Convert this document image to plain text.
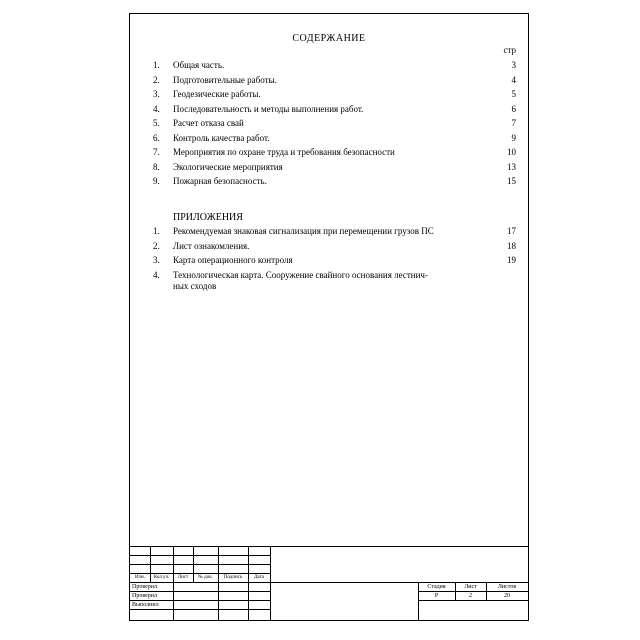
СОДЕРЖАНИЕ
стр
1.	Общая часть.	3
2.	Подготовительные работы.	4
3.	Геодезические работы.	5
4.	Последовательность и методы выполнения работ.	6
5.	Расчет отказа свай	7
6.	Контроль качества работ.	9
7.	Мероприятия по охране труда и требования безопасности	10
8.	Экологические мероприятия	13
9.	Пожарная безопасность.	15
ПРИЛОЖЕНИЯ
1.	Рекомендуемая знаковая сигнализация при перемещении грузов ПС	17
2.	Лист ознакомления.	18
3.	Карта операционного контроля	19
4.	Технологическая карта. Сооружение свайного основания лестнич-
ных сходов
Изм.	Кол.уч.	Лист	№ док.	Подпись	Дата
Проверил
Проверил
Выполнил
Стадия	Лист	Листов
Р	2	20
